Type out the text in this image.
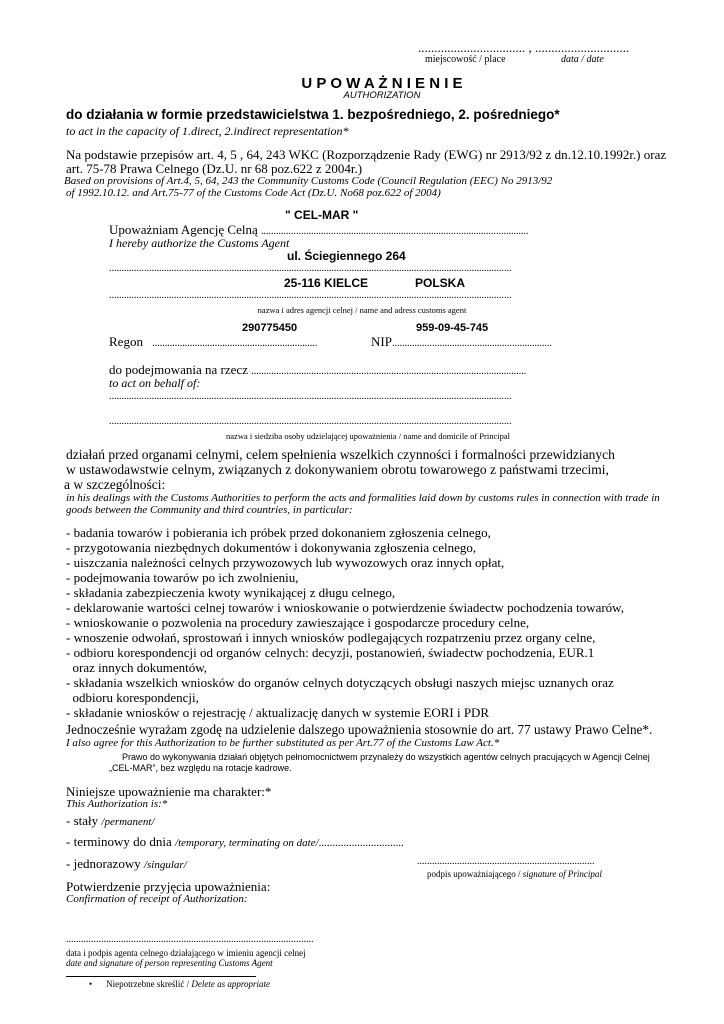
................................. , .............................
miejscowość / place	data / date
U P O W A Ż N I E N I E
AUTHORIZATION
do działania w formie przedstawicielstwa 1. bezpośredniego, 2. pośredniego*
to act in the capacity of 1.direct, 2.indirect representation*
Na podstawie przepisów art. 4, 5 , 64, 243 WKC (Rozporządzenie Rady (EWG) nr 2913/92 z dn.12.10.1992r.) oraz
art. 75-78 Prawa Celnego (Dz.U. nr 68 poz.622 z 2004r.)
Based on provisions of Art.4, 5, 64, 243 the Community Customs Code (Council Regulation (EEC) No 2913/92
of 1992.10.12. and Art.75-77 of the Customs Code Act (Dz.U. No68 poz.622 of 2004)
" CEL-MAR "
Upoważniam Agencję Celną ...........................................................................................................
I hereby authorize the Customs Agent
ul. Ściegiennego 264
.................................................................................................................................................................
25-116 KIELCE	POLSKA
.................................................................................................................................................................
nazwa i adres agencji celnej / name and adress customs agent
290775450	959-09-45-745
Regon ..................................................................	NIP................................................................
do podejmowania na rzecz ..............................................................................................................
to act on behalf of:
.................................................................................................................................................................
.................................................................................................................................................................
nazwa i siedziba osoby udzielającej upoważnienia / name and domicile of Principal
działań przed organami celnymi, celem spełnienia wszelkich czynności i formalności przewidzianych
w ustawodawstwie celnym, związanych z dokonywaniem obrotu towarowego z państwami trzecimi,
a w szczególności:
in his dealings with the Customs Authorities to perform the acts and formalities laid down by customs rules in connection with trade in
goods between the Community and third countries, in particular:
- badania towarów i pobierania ich próbek przed dokonaniem zgłoszenia celnego,
- przygotowania niezbędnych dokumentów i dokonywania zgłoszenia celnego,
- uiszczania należności celnych przywozowych lub wywozowych oraz innych opłat,
- podejmowania towarów po ich zwolnieniu,
- składania zabezpieczenia kwoty wynikającej z długu celnego,
- deklarowanie wartości celnej towarów i wnioskowanie o potwierdzenie świadectw pochodzenia towarów,
- wnioskowanie o pozwolenia na procedury zawieszające i gospodarcze procedury celne,
- wnoszenie odwołań, sprostowań i innych wniosków podlegających rozpatrzeniu przez organy celne,
- odbioru korespondencji od organów celnych: decyzji, postanowień, świadectw pochodzenia, EUR.1
oraz innych dokumentów,
- składania wszelkich wniosków do organów celnych dotyczących obsługi naszych miejsc uznanych oraz
odbioru korespondencji,
- składanie wniosków o rejestrację / aktualizację danych w systemie EORI i PDR
Jednocześnie wyrażam zgodę na udzielenie dalszego upoważnienia stosownie do art. 77 ustawy Prawo Celne*.
I also agree for this Authorization to be further substituted as per Art.77 of the Customs Law Act.*
Prawo do wykonywania działań objętych pełnomocnictwem przynależy do wszystkich agentów celnych pracujących w Agencji Celnej
„CEL-MAR”, bez względu na rotacje kadrowe.
Niniejsze upoważnienie ma charakter:*
This Authorization is:*
- stały /permanent/
- terminowy do dnia /temporary, terminating on date/...............................
- jednorazowy /singular/	.......................................................................
podpis upoważniającego / signature of Principal
Potwierdzenie przyjęcia upoważnienia:
Confirmation of receipt of Authorization:
...................................................................................................
data i podpis agenta celnego działającego w imieniu agencji celnej
date and signature of person representing Customs Agent
• Niepotrzebne skreślić / Delete as appropriate
